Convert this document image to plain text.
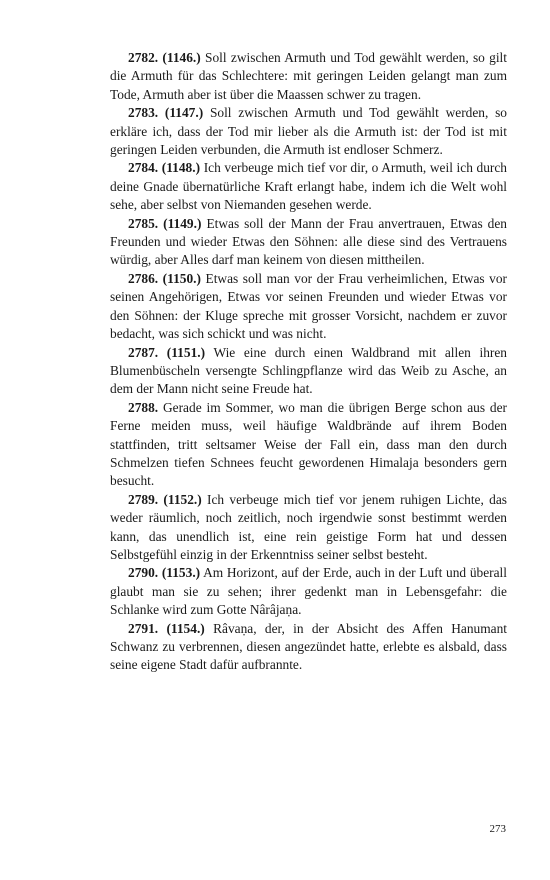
2782. (1146.) Soll zwischen Armuth und Tod gewählt werden, so gilt die Armuth für das Schlechtere: mit geringen Leiden gelangt man zum Tode, Armuth aber ist über die Maassen schwer zu tragen.

2783. (1147.) Soll zwischen Armuth und Tod gewählt werden, so erkläre ich, dass der Tod mir lieber als die Armuth ist: der Tod ist mit geringen Leiden verbunden, die Armuth ist endloser Schmerz.

2784. (1148.) Ich verbeuge mich tief vor dir, o Armuth, weil ich durch deine Gnade übernatürliche Kraft erlangt habe, indem ich die Welt wohl sehe, aber selbst von Niemanden gesehen werde.

2785. (1149.) Etwas soll der Mann der Frau anvertrauen, Etwas den Freunden und wieder Etwas den Söhnen: alle diese sind des Vertrauens würdig, aber Alles darf man keinem von diesen mittheilen.

2786. (1150.) Etwas soll man vor der Frau verheimlichen, Etwas vor seinen Angehörigen, Etwas vor seinen Freunden und wieder Etwas vor den Söhnen: der Kluge spreche mit grosser Vorsicht, nachdem er zuvor bedacht, was sich schickt und was nicht.

2787. (1151.) Wie eine durch einen Waldbrand mit allen ihren Blumenbüscheln versengte Schlingpflanze wird das Weib zu Asche, an dem der Mann nicht seine Freude hat.

2788. Gerade im Sommer, wo man die übrigen Berge schon aus der Ferne meiden muss, weil häufige Waldbrände auf ihrem Boden stattfinden, tritt seltsamer Weise der Fall ein, dass man den durch Schmelzen tiefen Schnees feucht gewordenen Himalaja besonders gern besucht.

2789. (1152.) Ich verbeuge mich tief vor jenem ruhigen Lichte, das weder räumlich, noch zeitlich, noch irgendwie sonst bestimmt werden kann, das unendlich ist, eine rein geistige Form hat und dessen Selbstgefühl einzig in der Erkenntniss seiner selbst besteht.

2790. (1153.) Am Horizont, auf der Erde, auch in der Luft und überall glaubt man sie zu sehen; ihrer gedenkt man in Lebensgefahr: die Schlanke wird zum Gotte Nârâjaṇa.

2791. (1154.) Râvaṇa, der, in der Absicht des Affen Hanumant Schwanz zu verbrennen, diesen angezündet hatte, erlebte es alsbald, dass seine eigene Stadt dafür aufbrannte.

273
